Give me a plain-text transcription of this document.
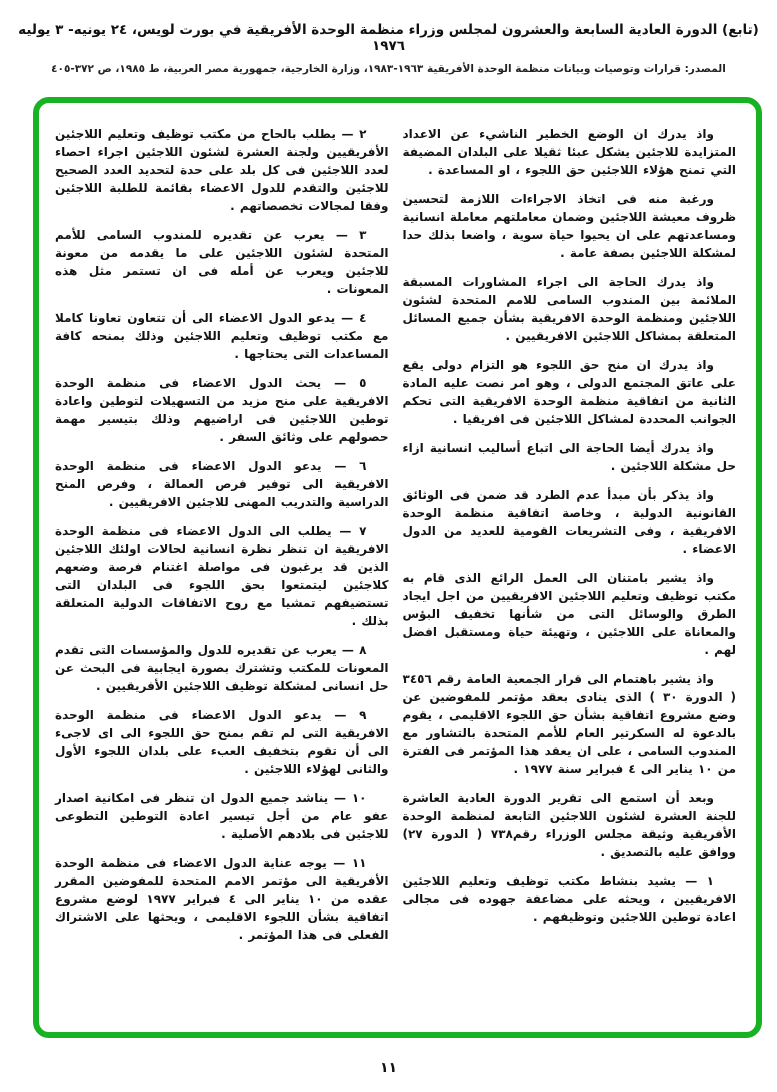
(تابع) الدورة العادية السابعة والعشرون لمجلس وزراء منظمة الوحدة الأفريقية في بورت لويس، ٢٤ يونيه- ٣ يوليه ١٩٧٦
المصدر: قرارات وتوصيات وبيانات منظمة الوحدة الأفريقية ١٩٦٣-١٩٨٣، وزارة الخارجية، جمهورية مصر العربية، ط ١٩٨٥، ص ٣٧٢-٤٠٥

واذ يدرك ان الوضع الخطير الناشيء عن الاعداد المتزايدة للاجئين يشكل عبئا ثقيلا على البلدان المضيفة التي تمنح هؤلاء اللاجئين حق اللجوء ، او المساعدة .

ورغبة منه فى اتخاذ الاجراءات اللازمة لتحسين ظروف معيشة اللاجئين وضمان معاملتهم معاملة انسانية ومساعدتهم على ان يحيوا حياة سوية ، واضعا بذلك حدا لمشكلة اللاجئين بصفة عامة .

واذ يدرك الحاجة الى اجراء المشاورات المسبقة الملائمة بين المندوب السامى للامم المتحدة لشئون اللاجئين ومنظمة الوحدة الافريقية بشأن جميع المسائل المتعلقة بمشاكل اللاجئين الافريقيين .

واذ يدرك ان منح حق اللجوء هو التزام دولى يقع على عاتق المجتمع الدولى ، وهو امر نصت عليه المادة الثانية من اتفاقية منظمة الوحدة الافريقية التى تحكم الجوانب المحددة لمشاكل اللاجئين فى افريقيا .

واذ يدرك أيضا الحاجة الى اتباع أساليب انسانية ازاء حل مشكلة اللاجئين .

واذ يذكر بأن مبدأ عدم الطرد قد ضمن فى الوثائق القانونية الدولية ، وخاصة اتفاقية منظمة الوحدة الافريقية ، وفى التشريعات القومية للعديد من الدول الاعضاء .

واذ يشير بامتنان الى العمل الرائع الذى قام به مكتب توظيف وتعليم اللاجئين الافريقيين من اجل ايجاد الطرق والوسائل التى من شأنها تخفيف البؤس والمعاناة على اللاجئين ، وتهيئة حياة ومستقبل افضل لهم .

واذ يشير باهتمام الى قرار الجمعية العامة رقم ٣٤٥٦ ( الدورة ٣٠ ) الذى ينادى بعقد مؤتمر للمفوضين عن وضع مشروع اتفاقية بشأن حق اللجوء الاقليمى ، يقوم بالدعوة له السكرتير العام للأمم المتحدة بالتشاور مع المندوب السامى ، على ان يعقد هذا المؤتمر فى الفترة من ١٠ يناير الى ٤ فبراير سنة ١٩٧٧ .

وبعد أن استمع الى تقرير الدورة العادية العاشرة للجنة العشرة لشئون اللاجئين التابعة لمنظمة الوحدة الأفريقية وثيقة مجلس الوزراء رقم٧٣٨ ( الدورة ٢٧) ووافق عليه بالتصديق .

١ — يشيد بنشاط مكتب توظيف وتعليم اللاجئين الافريقيين ، ويحثه على مضاعفة جهوده فى مجالى اعادة توطين اللاجئين وتوظيفهم .

٢ — يطلب بالحاح من مكتب توظيف وتعليم اللاجئين الأفريقيين ولجنة العشرة لشئون اللاجئين اجراء احصاء لعدد اللاجئين فى كل بلد على حدة لتحديد العدد الصحيح للاجئين والتقدم للدول الاعضاء بقائمة للطلبة اللاجئين وفقا لمجالات تخصصاتهم .

٣ — يعرب عن تقديره للمندوب السامى للأمم المتحدة لشئون اللاجئين على ما يقدمه من معونة للاجئين ويعرب عن أمله فى ان تستمر مثل هذه المعونات .

٤ — يدعو الدول الاعضاء الى أن تتعاون تعاونا كاملا مع مكتب توظيف وتعليم اللاجئين وذلك بمنحه كافة المساعدات التى يحتاجها .

٥ — يحث الدول الاعضاء فى منظمة الوحدة الافريقية على منح مزيد من التسهيلات لتوطين واعادة توطين اللاجئين فى اراضيهم وذلك بتيسير مهمة حصولهم على وثائق السفر .

٦ — يدعو الدول الاعضاء فى منظمة الوحدة الافريقية الى توفير فرص العمالة ، وفرص المنح الدراسية والتدريب المهنى للاجئين الافريقيين .

٧ — يطلب الى الدول الاعضاء فى منظمة الوحدة الافريقية ان تنظر نظرة انسانية لحالات اولئك اللاجئين الذين قد يرغبون فى مواصلة اغتنام فرصة وضعهم كلاجئين ليتمتعوا بحق اللجوء فى البلدان التى تستضيفهم تمشيا مع روح الاتفاقات الدولية المتعلقة بذلك .

٨ — يعرب عن تقديره للدول والمؤسسات التى تقدم المعونات للمكتب وتشترك بصورة ايجابية فى البحث عن حل انسانى لمشكلة توظيف اللاجئين الأفريقيين .

٩ — يدعو الدول الاعضاء فى منظمة الوحدة الافريقية التى لم تقم بمنح حق اللجوء الى اى لاجىء الى أن تقوم بتخفيف العبء على بلدان اللجوء الأول والثانى لهؤلاء اللاجئين .

١٠ — يناشد جميع الدول ان تنظر فى امكانية اصدار عفو عام من أجل تيسير اعادة التوطين التطوعى للاجئين فى بلادهم الأصلية .

١١ — يوجه عناية الدول الاعضاء فى منظمة الوحدة الأفريقية الى مؤتمر الامم المتحدة للمفوضين المقرر عقده من ١٠ يناير الى ٤ فبراير ١٩٧٧ لوضع مشروع اتفاقية بشأن اللجوء الاقليمى ، ويحثها على الاشتراك الفعلى فى هذا المؤتمر .

١١
